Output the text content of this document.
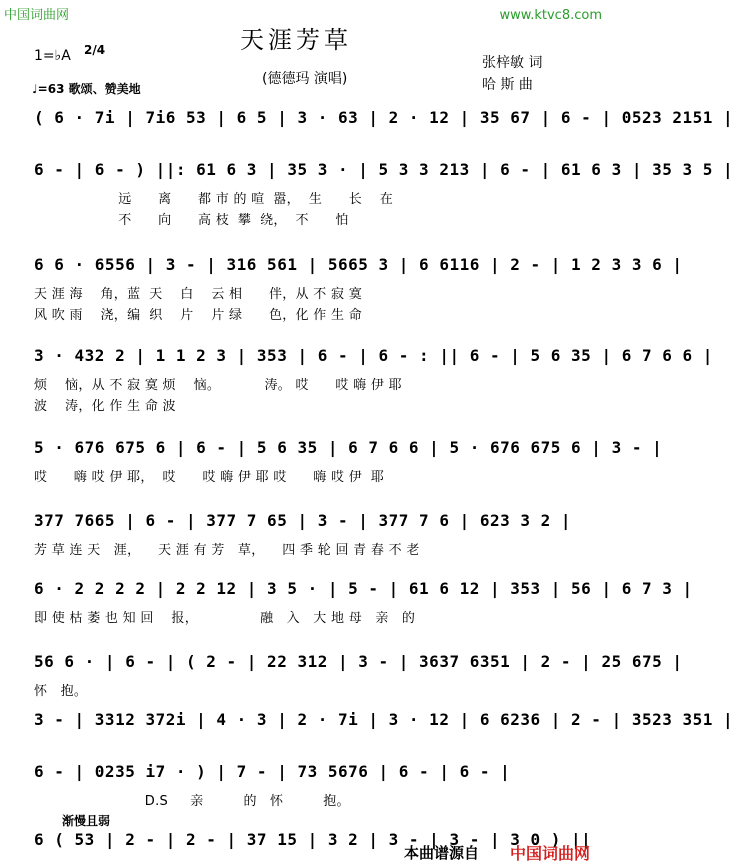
中国词曲网	www.ktvc8.com
天涯芳草
1=♭A 2/4
♩=63 歌颂、赞美地
(德德玛 演唱)
张梓敏 词
哈 斯 曲
( 6 · 7i | 7i6 53 | 6 5 | 3 · 63 | 2 · 12 | 35 67 | 6 - | 0523 2151 |
6 - | 6 - ) ||: 61 6 3 | 35 3 · | 5 3 3 213 | 6 - | 61 6 3 | 35 3 5 |
远      离      都 市 的 喧  嚣，  生      长    在
不      向      高 枝  攀  绕，  不      怕
6 6 · 6556 | 3 - | 316 561 | 5665 3 | 6 6116 | 2 - | 1 2 3 3 6 |
天 涯 海    角，蓝  天    白    云 相      伴，从 不 寂 寞
风 吹 雨    浇，编  织    片    片 绿      色，化 作 生 命
3 · 432 2 | 1 1 2 3 | 353 | 6 - | 6 - : || 6 - | 5 6 35 | 6 7 6 6 |
烦    恼，从 不 寂 寞 烦    恼。          涛。 哎      哎 嗨 伊 耶
波    涛，化 作 生 命 波
5 · 676 675 6 | 6 - | 5 6 35 | 6 7 6 6 | 5 · 676 675 6 | 3 - |
哎      嗨 哎 伊 耶，  哎      哎 嗨 伊 耶 哎      嗨 哎 伊  耶
377 7665 | 6 - | 377 7 65 | 3 - | 377 7 6 | 623 3 2 |
芳 草 连 天   涯，    天 涯 有 芳   草，    四 季 轮 回 青 春 不 老
6 · 2 2 2 2 | 2 2 12 | 3 5 · | 5 - | 61 6 12 | 353 | 56 | 6 7 3 |
即 使 枯 萎 也 知 回    报，              融   入   大 地 母   亲   的
56 6 · | 6 - | ( 2 - | 22 312 | 3 - | 3637 6351 | 2 - | 25 675 |
怀   抱。
3 - | 3312 372i | 4 · 3 | 2 · 7i | 3 · 12 | 6 6236 | 2 - | 3523 351 |
6 - | 0235 i7 · ) | 7 - | 73 5676 | 6 - | 6 - |
D.S     亲         的   怀         抱。
6 ( 53 | 2 - | 2 - | 37 15 | 3 2 | 3 - | 3 - | 3 0 ) ||
渐慢且弱
本曲谱源自 中国词曲网
